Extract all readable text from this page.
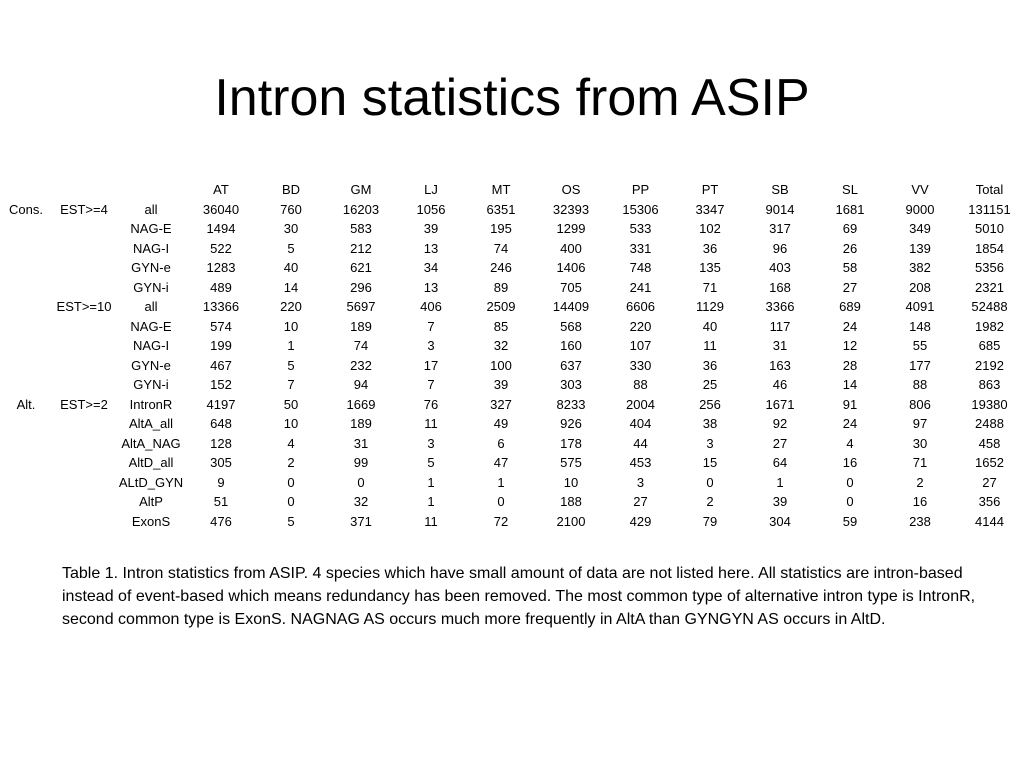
Intron statistics from ASIP
			AT	BD	GM	LJ	MT	OS	PP	PT	SB	SL	VV	Total
Cons.	EST>=4	all	36040	760	16203	1056	6351	32393	15306	3347	9014	1681	9000	131151
		NAG-E	1494	30	583	39	195	1299	533	102	317	69	349	5010
		NAG-I	522	5	212	13	74	400	331	36	96	26	139	1854
		GYN-e	1283	40	621	34	246	1406	748	135	403	58	382	5356
		GYN-i	489	14	296	13	89	705	241	71	168	27	208	2321
	EST>=10	all	13366	220	5697	406	2509	14409	6606	1129	3366	689	4091	52488
		NAG-E	574	10	189	7	85	568	220	40	117	24	148	1982
		NAG-I	199	1	74	3	32	160	107	11	31	12	55	685
		GYN-e	467	5	232	17	100	637	330	36	163	28	177	2192
		GYN-i	152	7	94	7	39	303	88	25	46	14	88	863
Alt.	EST>=2	IntronR	4197	50	1669	76	327	8233	2004	256	1671	91	806	19380
		AltA_all	648	10	189	11	49	926	404	38	92	24	97	2488
		AltA_NAG	128	4	31	3	6	178	44	3	27	4	30	458
		AltD_all	305	2	99	5	47	575	453	15	64	16	71	1652
		ALtD_GYN	9	0	0	1	1	10	3	0	1	0	2	27
		AltP	51	0	32	1	0	188	27	2	39	0	16	356
		ExonS	476	5	371	11	72	2100	429	79	304	59	238	4144

Table 1. Intron statistics from ASIP. 4 species which have small amount of data are not listed here. All statistics are intron-based instead of event-based which means redundancy has been removed. The most common type of alternative intron type is IntronR, second common type is ExonS. NAGNAG AS occurs much more frequently in AltA than GYNGYN AS occurs in AltD.
